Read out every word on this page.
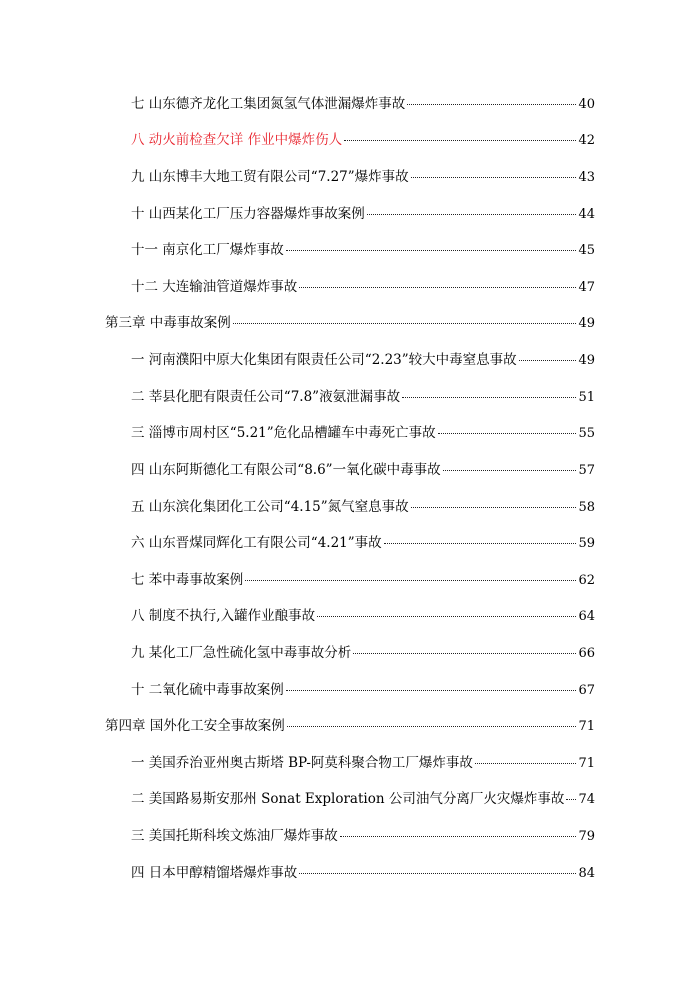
七 山东德齐龙化工集团氮氢气体泄漏爆炸事故	40
八 动火前检查欠详 作业中爆炸伤人	42
九 山东博丰大地工贸有限公司“7.27”爆炸事故	43
十 山西某化工厂压力容器爆炸事故案例	44
十一 南京化工厂爆炸事故	45
十二 大连输油管道爆炸事故	47
第三章 中毒事故案例	49
一 河南濮阳中原大化集团有限责任公司“2.23”较大中毒窒息事故	49
二 莘县化肥有限责任公司“7.8”液氨泄漏事故	51
三 淄博市周村区“5.21”危化品槽罐车中毒死亡事故	55
四 山东阿斯德化工有限公司“8.6”一氧化碳中毒事故	57
五 山东滨化集团化工公司“4.15”氮气窒息事故	58
六 山东晋煤同辉化工有限公司“4.21”事故	59
七 苯中毒事故案例	62
八 制度不执行,入罐作业酿事故	64
九 某化工厂急性硫化氢中毒事故分析	66
十 二氧化硫中毒事故案例	67
第四章 国外化工安全事故案例	71
一 美国乔治亚州奥古斯塔 BP-阿莫科聚合物工厂爆炸事故	71
二 美国路易斯安那州 Sonat Exploration 公司油气分离厂火灾爆炸事故 74
三 美国托斯科埃文炼油厂爆炸事故	79
四 日本甲醇精馏塔爆炸事故	84
